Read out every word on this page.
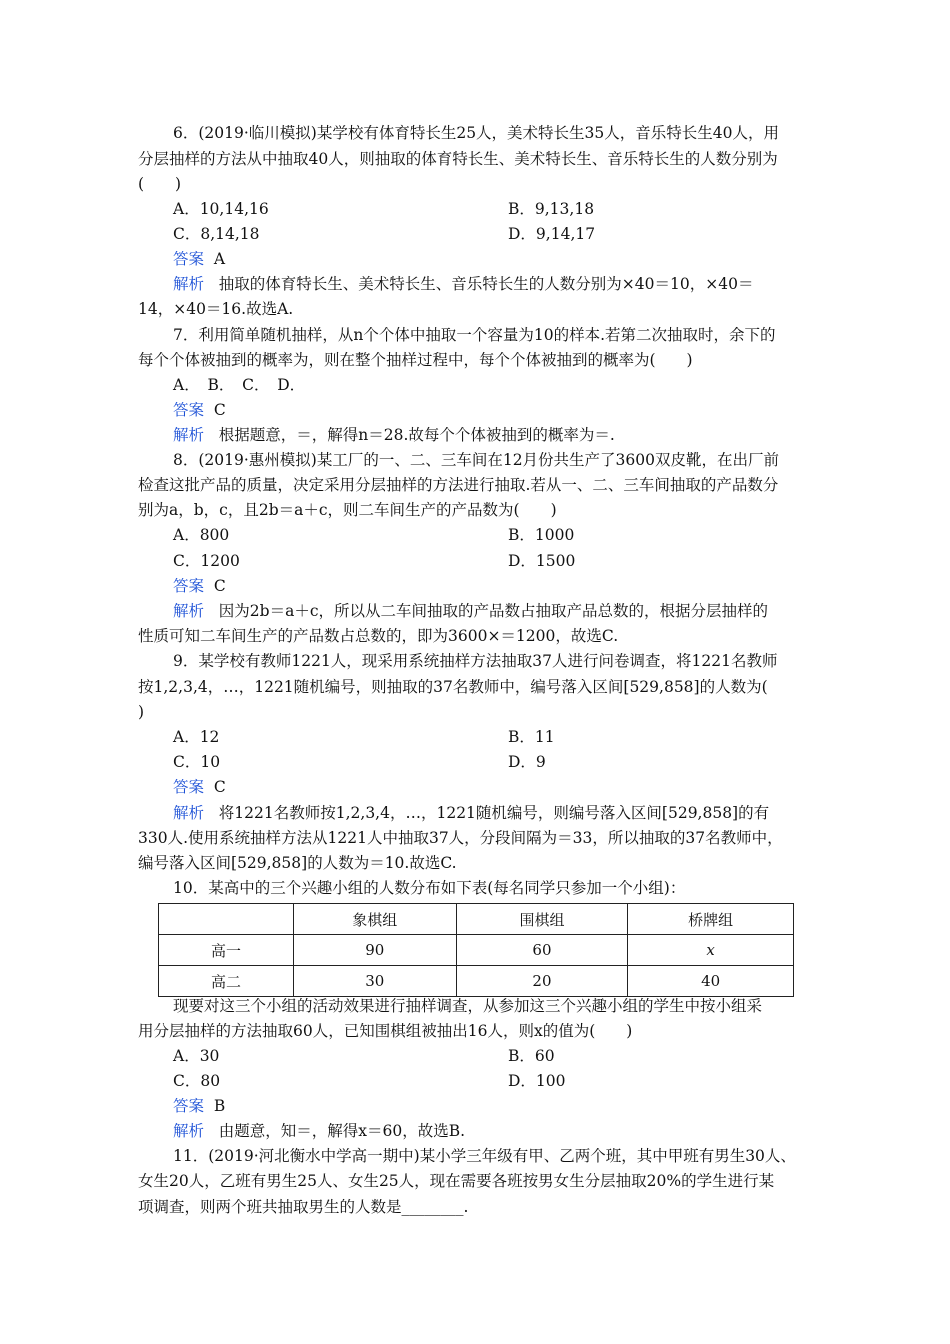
6．(2019·临川模拟)某学校有体育特长生25人，美术特长生35人，音乐特长生40人，用
分层抽样的方法从中抽取40人，则抽取的体育特长生、美术特长生、音乐特长生的人数分别为
(　　)
A．10,14,16	B．9,13,18
C．8,14,18	D．9,14,17
答案 A
解析 抽取的体育特长生、美术特长生、音乐特长生的人数分别为×40＝10，×40＝
14，×40＝16.故选A.
7．利用简单随机抽样，从n个个体中抽取一个容量为10的样本.若第二次抽取时，余下的
每个个体被抽到的概率为，则在整个抽样过程中，每个个体被抽到的概率为(　　)
A．　B．　C．　D．
答案 C
解析 根据题意，＝，解得n＝28.故每个个体被抽到的概率为＝.
8．(2019·惠州模拟)某工厂的一、二、三车间在12月份共生产了3600双皮靴，在出厂前
检查这批产品的质量，决定采用分层抽样的方法进行抽取.若从一、二、三车间抽取的产品数分
别为a，b，c，且2b＝a＋c，则二车间生产的产品数为(　　)
A．800	B．1000
C．1200	D．1500
答案 C
解析 因为2b＝a＋c，所以从二车间抽取的产品数占抽取产品总数的，根据分层抽样的
性质可知二车间生产的产品数占总数的，即为3600×＝1200，故选C.
9．某学校有教师1221人，现采用系统抽样方法抽取37人进行问卷调查，将1221名教师
按1,2,3,4，…，1221随机编号，则抽取的37名教师中，编号落入区间[529,858]的人数为(
)
A．12	B．11
C．10	D．9
答案 C
解析 将1221名教师按1,2,3,4，…，1221随机编号，则编号落入区间[529,858]的有
330人.使用系统抽样方法从1221人中抽取37人，分段间隔为＝33，所以抽取的37名教师中，
编号落入区间[529,858]的人数为＝10.故选C.
10．某高中的三个兴趣小组的人数分布如下表(每名同学只参加一个小组)：
	象棋组	围棋组	桥牌组
高一	90	60	x
高二	30	20	40
现要对这三个小组的活动效果进行抽样调查，从参加这三个兴趣小组的学生中按小组采
用分层抽样的方法抽取60人，已知围棋组被抽出16人，则x的值为(　　)
A．30	B．60
C．80	D．100
答案 B
解析 由题意，知＝，解得x＝60，故选B.
11．(2019·河北衡水中学高一期中)某小学三年级有甲、乙两个班，其中甲班有男生30人、
女生20人，乙班有男生25人、女生25人，现在需要各班按男女生分层抽取20%的学生进行某
项调查，则两个班共抽取男生的人数是________.
